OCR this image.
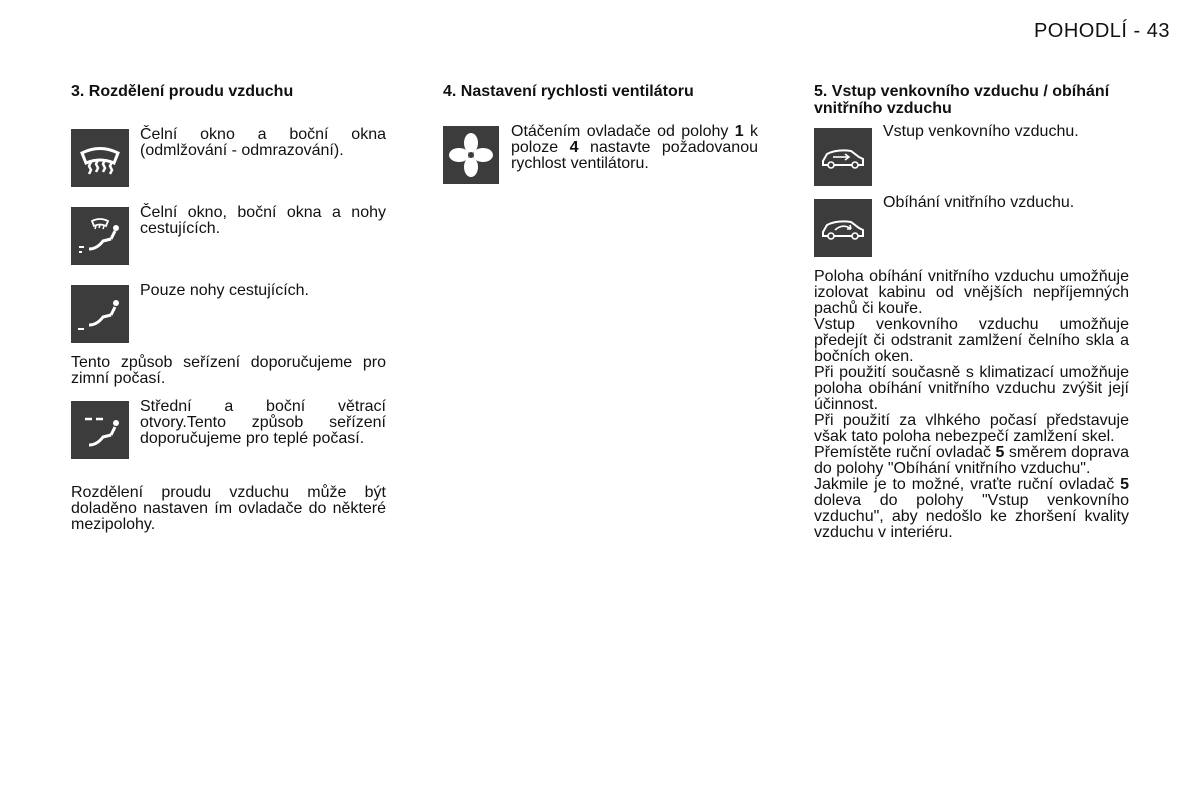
POHODLÍ - 43
3. Rozdělení proudu vzduchu
Čelní okno a boční okna (odmlžování - odmrazování).
Čelní okno, boční okna a nohy cestujících.
Pouze nohy cestujících.

Tento způsob seřízení doporučujeme pro zimní počasí.

Střední a boční větrací otvory.Tento způsob seřízení doporučujeme pro teplé počasí.

Rozdělení proudu vzduchu může být doladěno nastaven ím ovladače do některé mezipolohy.

4. Nastavení rychlosti ventilátoru
Otáčením ovladače od polohy 1 k poloze 4 nastavte požadovanou rychlost ventilátoru.
5. Vstup venkovního vzduchu / obíhání vnitřního vzduchu
Vstup venkovního vzduchu.
Obíhání vnitřního vzduchu.

Poloha obíhání vnitřního vzduchu umožňuje izolovat kabinu od vnějších nepříjemných pachů či kouře.

Vstup venkovního vzduchu umožňuje předejít či odstranit zamlžení čelního skla a bočních oken.

Při použití současně s klimatizací umožňuje poloha obíhání vnitřního vzduchu zvýšit její účinnost.

Při použití za vlhkého počasí představuje však tato poloha nebezpečí zamlžení skel.

Přemístěte ruční ovladač 5 směrem doprava do polohy "Obíhání vnitřního vzduchu".

Jakmile je to možné, vraťte ruční ovladač 5 doleva do polohy "Vstup venkovního vzduchu", aby nedošlo ke zhoršení kvality vzduchu v interiéru.
